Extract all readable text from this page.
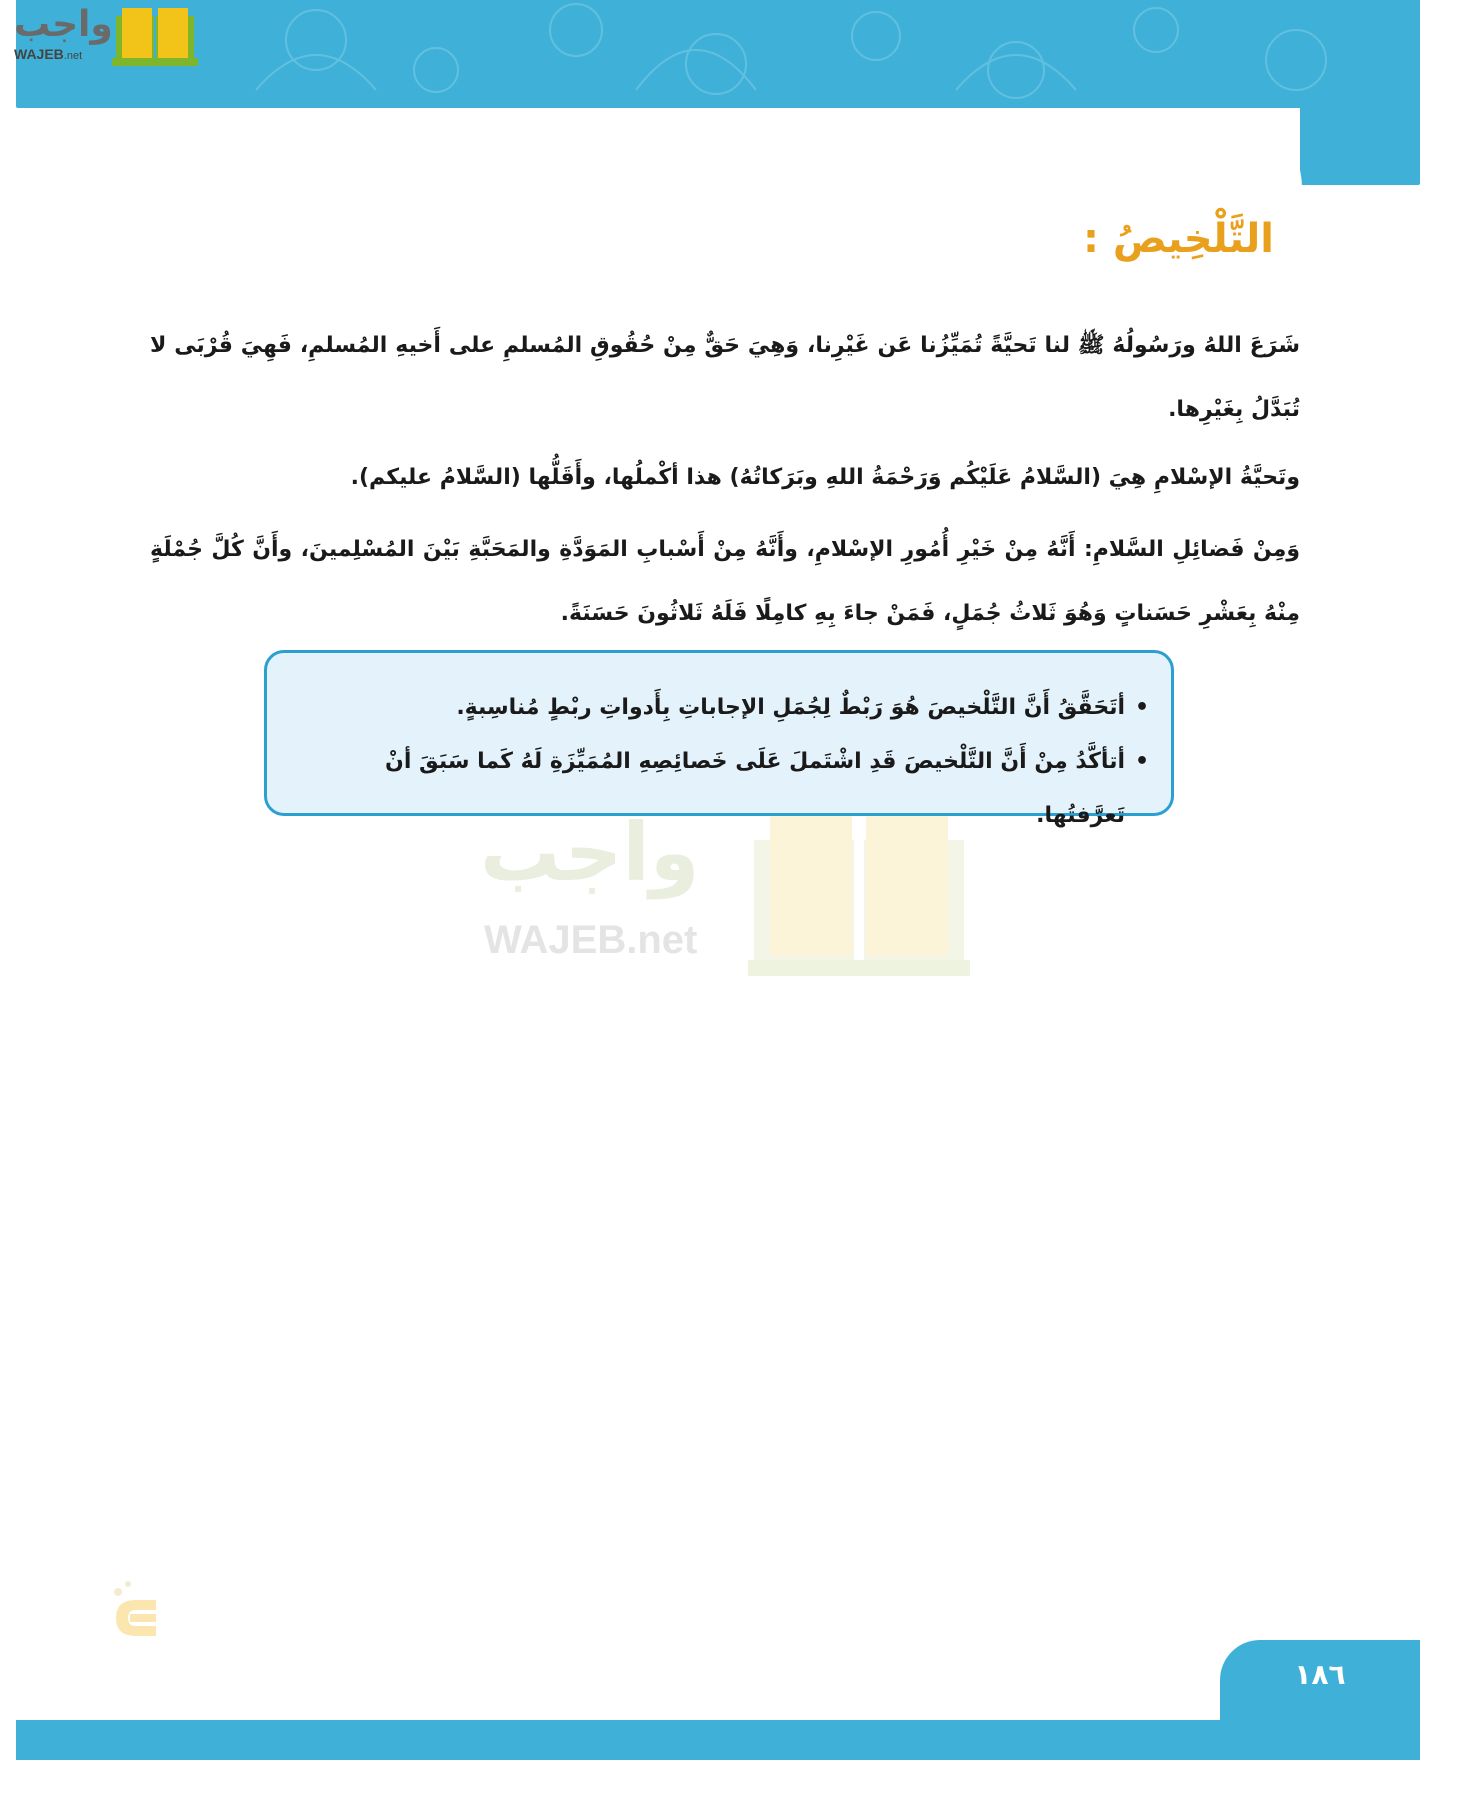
واجب
WAJEB.net
التَّلْخِيصُ :

شَرَعَ اللهُ ورَسُولُهُ ﷺ لنا تَحيَّةً تُمَيِّزُنا عَن غَيْرِنا، وَهِيَ حَقٌّ مِنْ حُقُوقِ المُسلمِ على أَخيهِ المُسلمِ، فَهِيَ قُرْبَى لا تُبَدَّلُ بِغَيْرِها.

وتَحيَّةُ الإسْلامِ هِيَ (السَّلامُ عَلَيْكُم وَرَحْمَةُ اللهِ وبَرَكاتُهُ) هذا أكْملُها، وأَقَلُّها (السَّلامُ عليكم).

وَمِنْ فَضائِلِ السَّلامِ: أَنَّهُ مِنْ خَيْرِ أُمُورِ الإسْلامِ، وأَنَّهُ مِنْ أَسْبابِ المَوَدَّةِ والمَحَبَّةِ بَيْنَ المُسْلِمينَ، وأَنَّ كُلَّ جُمْلَةٍ مِنْهُ بِعَشْرِ حَسَناتٍ وَهُوَ ثَلاثُ جُمَلٍ، فَمَنْ جاءَ بِهِ كامِلًا فَلَهُ ثَلاثُونَ حَسَنَةً.

•
أتَحَقَّقُ أَنَّ التَّلْخيصَ هُوَ رَبْطٌ لِجُمَلِ الإجاباتِ بِأَدواتِ ربْطٍ مُناسِبةٍ.
•
أتأكَّدُ مِنْ أَنَّ التَّلْخيصَ قَدِ اشْتَملَ عَلَى خَصائِصِهِ المُمَيِّزَةِ لَهُ كَما سَبَقَ أنْ تَعرَّفتُها.
واجب
WAJEB.net
١٨٦
